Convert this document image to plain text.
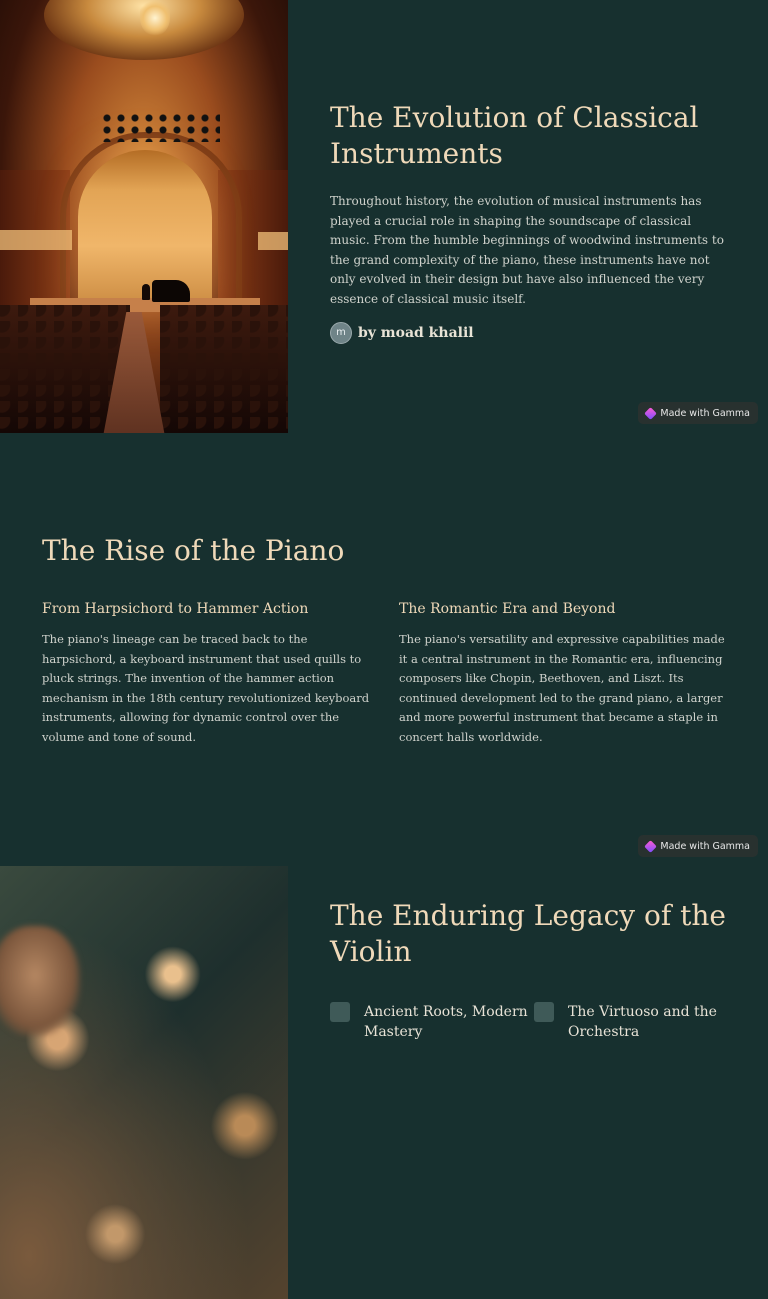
The Evolution of Classical Instruments
Throughout history, the evolution of musical instruments has played a crucial role in shaping the soundscape of classical music. From the humble beginnings of woodwind instruments to the grand complexity of the piano, these instruments have not only evolved in their design but have also influenced the very essence of classical music itself.
m by moad khalil
Made with Gamma
The Rise of the Piano
From Harpsichord to Hammer Action

The piano's lineage can be traced back to the harpsichord, a keyboard instrument that used quills to pluck strings. The invention of the hammer action mechanism in the 18th century revolutionized keyboard instruments, allowing for dynamic control over the volume and tone of sound.

The Romantic Era and Beyond

The piano's versatility and expressive capabilities made it a central instrument in the Romantic era, influencing composers like Chopin, Beethoven, and Liszt. Its continued development led to the grand piano, a larger and more powerful instrument that became a staple in concert halls worldwide.

Made with Gamma
The Enduring Legacy of the Violin
Ancient Roots, Modern Mastery
The Virtuoso and the Orchestra
